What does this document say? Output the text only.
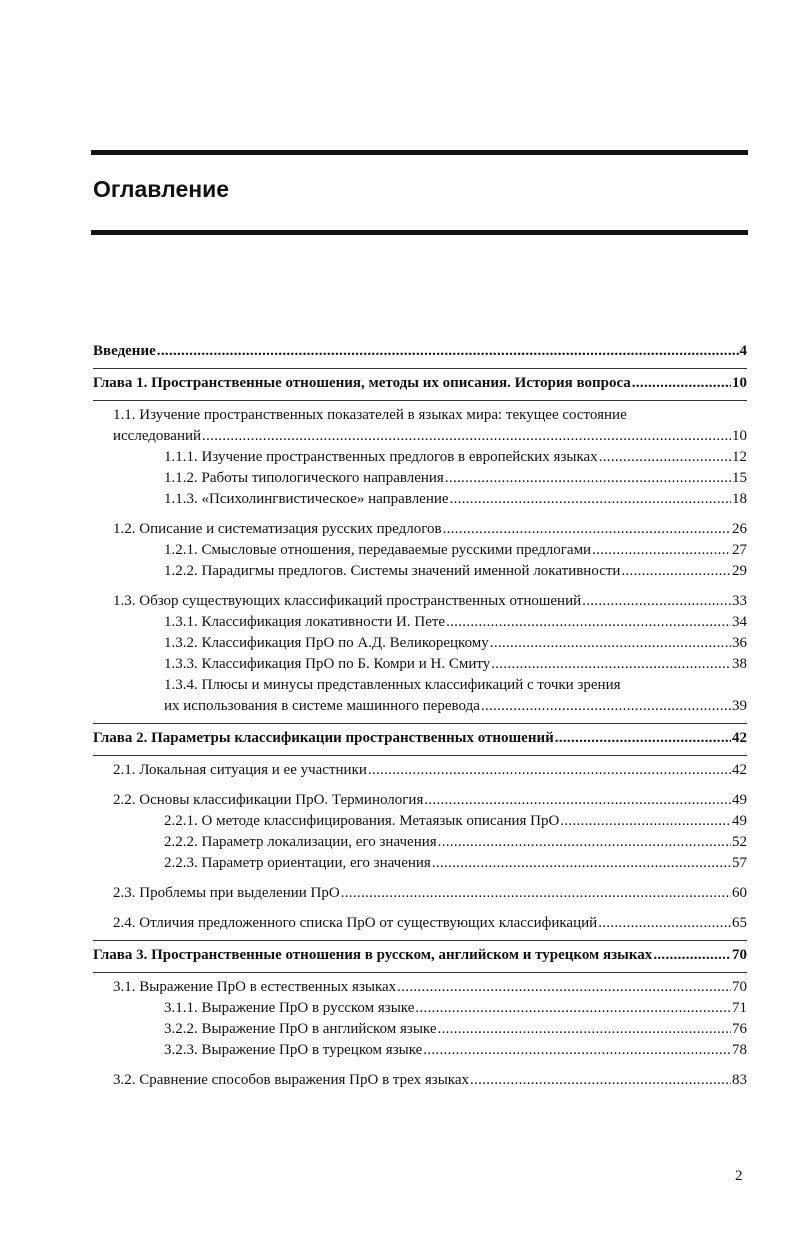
Оглавление
Введение .....	4
Глава 1. Пространственные отношения, методы их описания. История вопроса .....	10
1.1. Изучение пространственных показателей в языках мира: текущее состояние
исследований .....	10
1.1.1. Изучение пространственных предлогов в европейских языках .....	12
1.1.2. Работы типологического направления .....	15
1.1.3. «Психолингвистическое» направление .....	18
1.2. Описание и систематизация русских предлогов .....	26
1.2.1. Смысловые отношения, передаваемые русскими предлогами .....	27
1.2.2. Парадигмы предлогов. Системы значений именной локативности .....	29
1.3. Обзор существующих классификаций пространственных отношений .....	33
1.3.1. Классификация локативности И. Пете .....	34
1.3.2. Классификация ПрО по А.Д. Великорецкому .....	36
1.3.3. Классификация ПрО по Б. Комри и Н. Смиту .....	38
1.3.4. Плюсы и минусы представленных классификаций с точки зрения
их использования в системе машинного перевода .....	39
Глава 2. Параметры классификации пространственных отношений .....	42
2.1. Локальная ситуация и ее участники .....	42
2.2. Основы классификации ПрО. Терминология .....	49
2.2.1. О методе классифицирования. Метаязык описания ПрО .....	49
2.2.2. Параметр локализации, его значения .....	52
2.2.3. Параметр ориентации, его значения .....	57
2.3. Проблемы при выделении ПрО .....	60
2.4. Отличия предложенного списка ПрО от существующих классификаций .....	65
Глава 3. Пространственные отношения в русском, английском и турецком языках .....	70
3.1. Выражение ПрО в естественных языках .....	70
3.1.1. Выражение ПрО в русском языке .....	71
3.2.2. Выражение ПрО в английском языке .....	76
3.2.3. Выражение ПрО в турецком языке .....	78
3.2. Сравнение способов выражения ПрО в трех языках .....	83
2
